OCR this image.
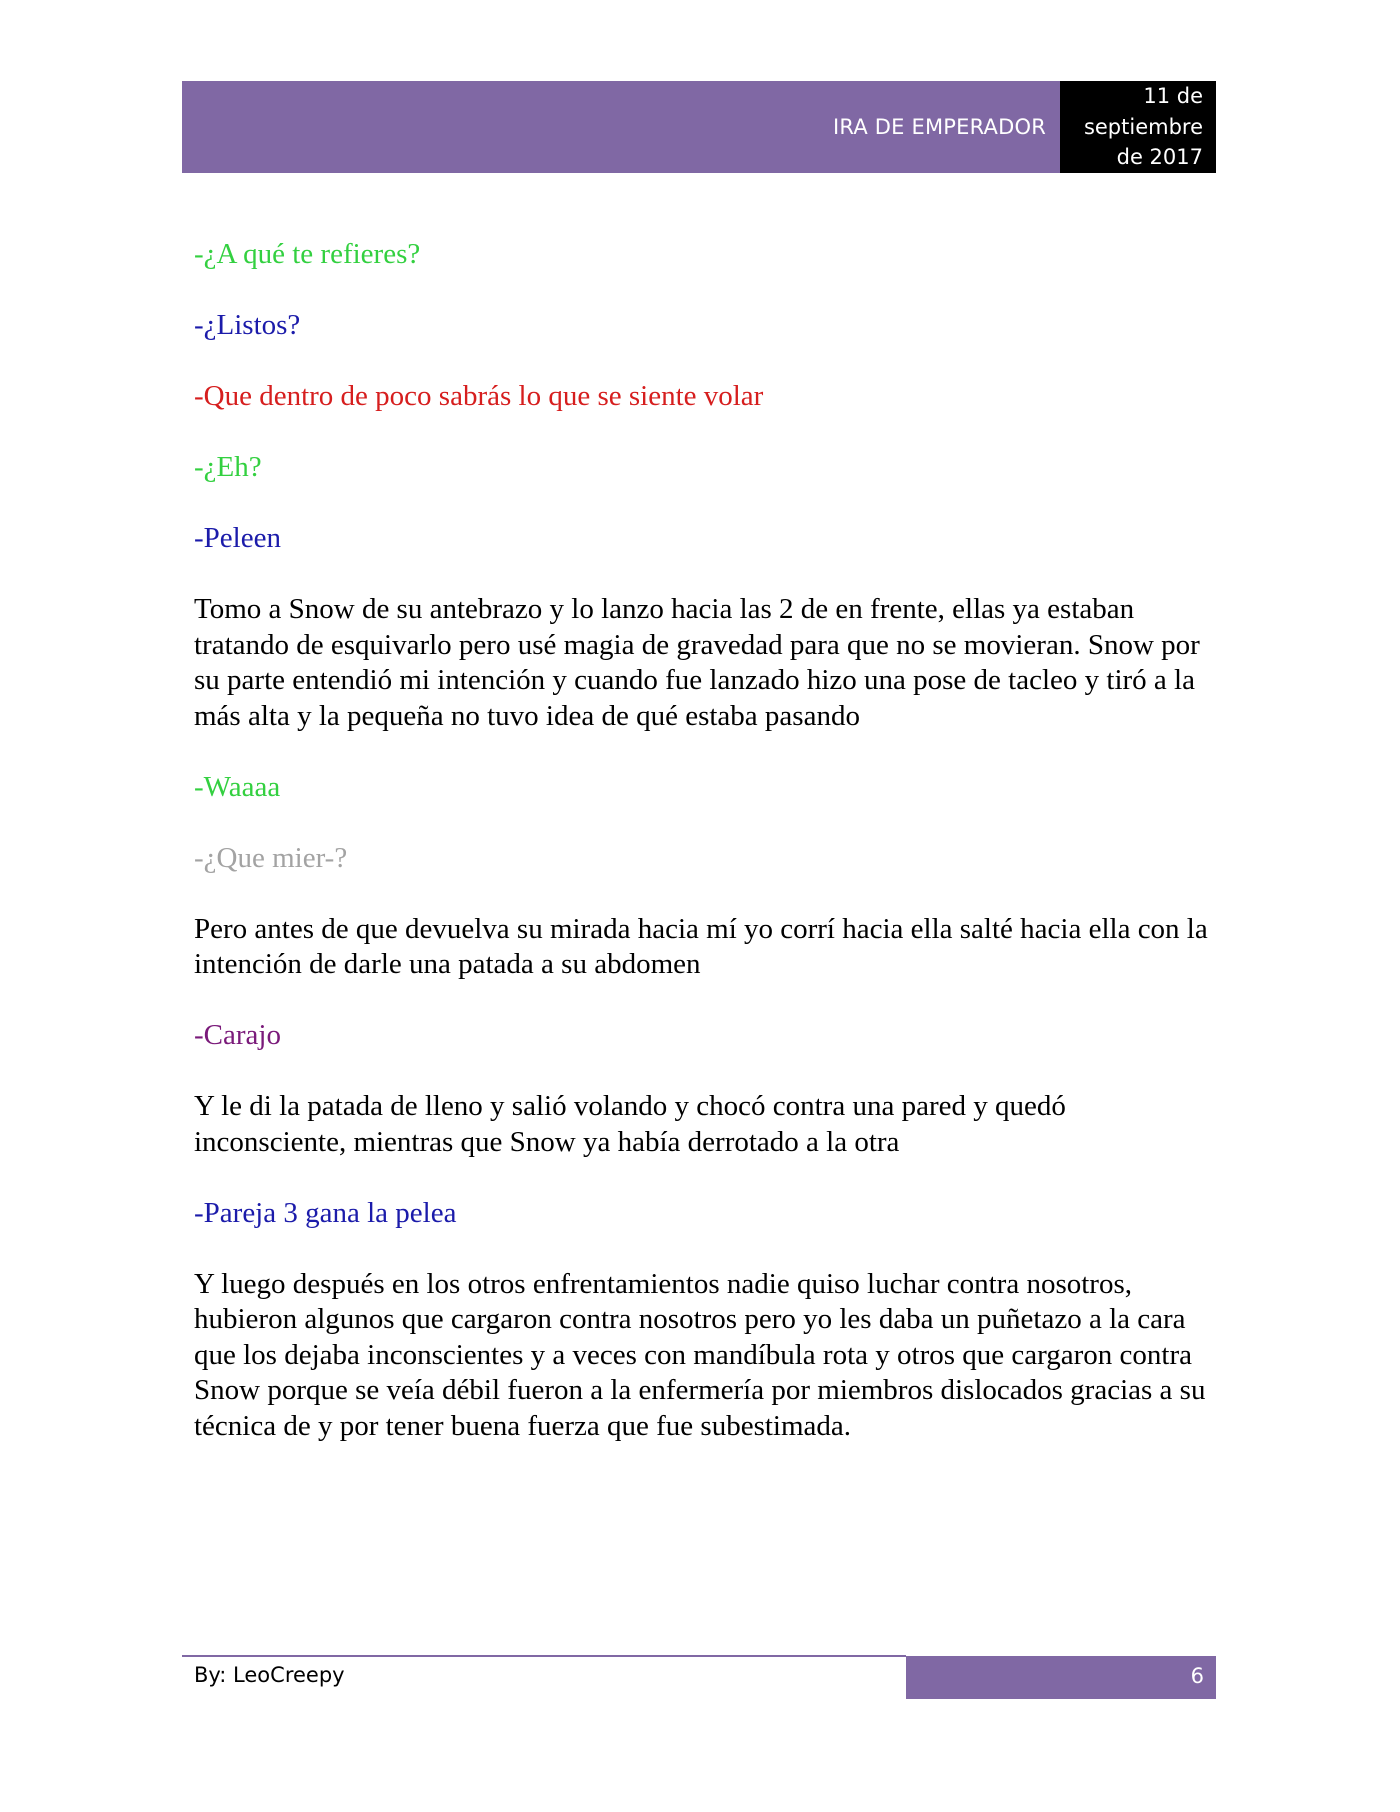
IRA DE EMPERADOR
11 de
septiembre
de 2017

-¿A qué te refieres?

-¿Listos?

-Que dentro de poco sabrás lo que se siente volar

-¿Eh?

-Peleen

Tomo a Snow de su antebrazo y lo lanzo hacia las 2 de en frente, ellas ya estaban tratando de esquivarlo pero usé magia de gravedad para que no se movieran. Snow por su parte entendió mi intención y cuando fue lanzado hizo una pose de tacleo y tiró a la más alta y la pequeña no tuvo idea de qué estaba pasando

-Waaaa

-¿Que mier-?

Pero antes de que devuelva su mirada hacia mí yo corrí hacia ella salté hacia ella con la intención de darle una patada a su abdomen

-Carajo

Y le di la patada de lleno y salió volando y chocó contra una pared y quedó inconsciente, mientras que Snow ya había derrotado a la otra

-Pareja 3 gana la pelea

Y luego después en los otros enfrentamientos nadie quiso luchar contra nosotros, hubieron algunos que cargaron contra nosotros pero yo les daba un puñetazo a la cara que los dejaba inconscientes y a veces con mandíbula rota y otros que cargaron contra Snow porque se veía débil fueron a la enfermería por miembros dislocados gracias a su técnica de y por tener buena fuerza que fue subestimada.

By: LeoCreepy	6
